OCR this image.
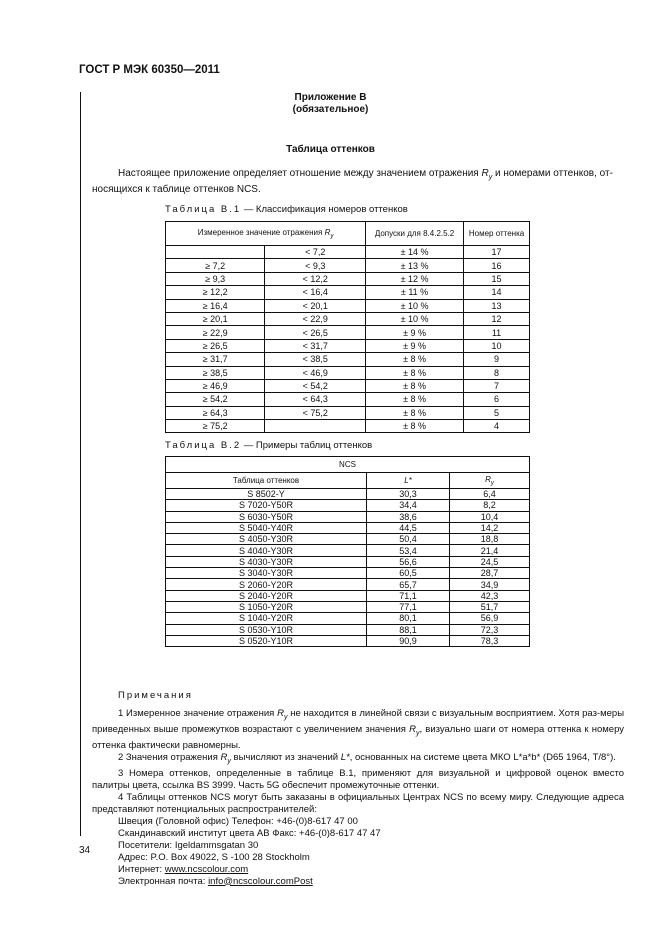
ГОСТ Р МЭК 60350—2011
Приложение В
(обязательное)
Таблица оттенков
Настоящее приложение определяет отношение между значением отражения $R_y$ и номерами оттенков, от-
носящихся к таблице оттенков NCS.
Таблица В.1 — Классификация номеров оттенков
Измеренное значение отражения $R_y$		Допуски для 8.4.2.5.2	Номер оттенка
	< 7,2	± 14 %	17
≥ 7,2	< 9,3	± 13 %	16
≥ 9,3	< 12,2	± 12 %	15
≥ 12,2	< 16,4	± 11 %	14
≥ 16,4	< 20,1	± 10 %	13
≥ 20,1	< 22,9	± 10 %	12
≥ 22,9	< 26,5	± 9 %	11
≥ 26,5	< 31,7	± 9 %	10
≥ 31,7	< 38,5	± 8 %	9
≥ 38,5	< 46,9	± 8 %	8
≥ 46,9	< 54,2	± 8 %	7
≥ 54,2	< 64,3	± 8 %	6
≥ 64,3	< 75,2	± 8 %	5
≥ 75,2		± 8 %	4
Таблица В.2 — Примеры таблиц оттенков
NCS		
Таблица оттенков	L*	$R_y$
S 8502-Y	30,3	6,4
S 7020-Y50R	34,4	8,2
S 6030-Y50R	38,6	10,4
S 5040-Y40R	44,5	14,2
S 4050-Y30R	50,4	18,8
S 4040-Y30R	53,4	21,4
S 4030-Y30R	56,6	24,5
S 3040-Y30R	60,5	28,7
S 2060-Y20R	65,7	34,9
S 2040-Y20R	71,1	42,3
S 1050-Y20R	77,1	51,7
S 1040-Y20R	80,1	56,9
S 0530-Y10R	88,1	72,3
S 0520-Y10R	90,9	78,3

Примечания

1 Измеренное значение отражения $R_y$ не находится в линейной связи с визуальным восприятием. Хотя раз-меры приведенных выше промежутков возрастают с увеличением значения $R_y$, визуально шаги от номера оттенка к номеру оттенка фактически равномерны.

2 Значения отражения $R_y$ вычисляют из значений L*, основанных на системе цвета МКО L*a*b* (D65 1964, Т/8°).

3 Номера оттенков, определенные в таблице В.1, применяют для визуальной и цифровой оценок вместо палитры цвета, ссылка BS 3999. Часть 5G обеспечит промежуточные оттенки.

4 Таблицы оттенков NCS могут быть заказаны в официальных Центрах NCS по всему миру. Следующие адреса представляют потенциальных распространителей:

Швеция (Головной офис) Телефон: +46-(0)8-617 47 00

Скандинавский институт цвета АВ Факс: +46-(0)8-617 47 47

Посетители: Igeldammsgatan 30

Адрес: P.O. Box 49022, S -100 28 Stockholm

Интернет: www.ncscolour.com

Электронная почта: info@ncscolour.comPost

34
